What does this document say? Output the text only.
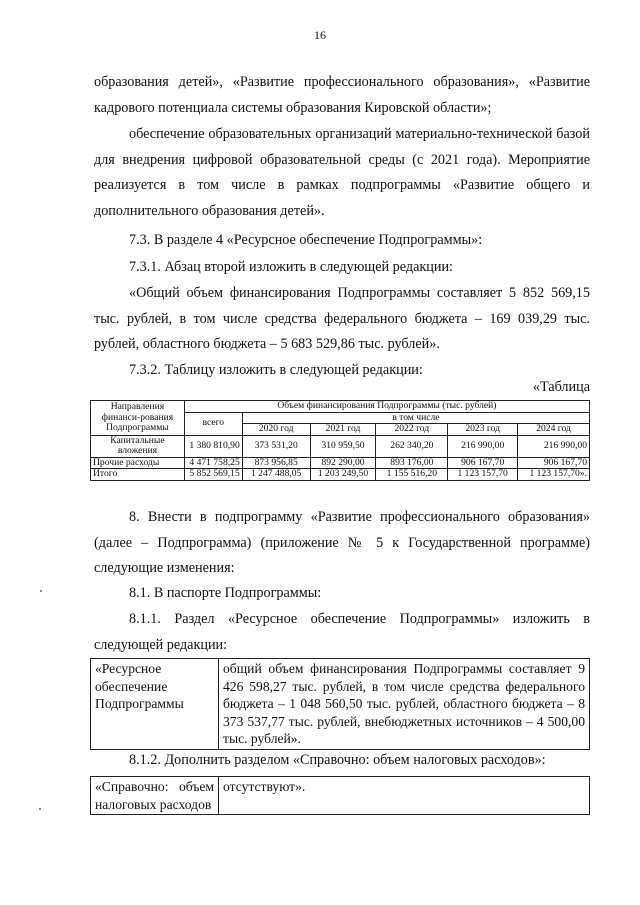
16

образования детей», «Развитие профессионального образования», «Развитие кадрового потенциала системы образования Кировской области»;

обеспечение образовательных организаций материально-технической базой для внедрения цифровой образовательной среды (с 2021 года). Мероприятие реализуется в том числе в рамках подпрограммы «Развитие общего и дополнительного образования детей».

7.3. В разделе 4 «Ресурсное обеспечение Подпрограммы»:

7.3.1. Абзац второй изложить в следующей редакции:

«Общий объем финансирования Подпрограммы составляет 5 852 569,15 тыс. рублей, в том числе средства федерального бюджета – 169 039,29 тыс. рублей, областного бюджета – 5 683 529,86 тыс. рублей».

7.3.2. Таблицу изложить в следующей редакции:

«Таблица

Направления финанси-рования Подпрограммы	Объем финансирования Подпрограммы (тыс. рублей)					
	всего	в том числе				
		2020 год	2021 год	2022 год	2023 год	2024 год
Капитальные вложения	1 380 810,90	373 531,20	310 959,50	262 340,20	216 990,00	216 990,00
Прочие расходы	4 471 758,25	873 956,85	892 290,00	893 176,00	906 167,70	906 167,70
Итого	5 852 569,15	1 247 488,05	1 203 249,50	1 155 516,20	1 123 157,70	1 123 157,70».

8. Внести в подпрограмму «Развитие профессионального образования» (далее – Подпрограмма) (приложение № 5 к Государственной программе) следующие изменения:

8.1. В паспорте Подпрограммы:

8.1.1. Раздел «Ресурсное обеспечение Подпрограммы» изложить в следующей редакции:

«Ресурсное обеспечение Подпрограммы	общий объем финансирования Подпрограммы составляет 9 426 598,27 тыс. рублей, в том числе средства федерального бюджета – 1 048 560,50 тыс. рублей, областного бюджета – 8 373 537,77 тыс. рублей, внебюджетных источников – 4 500,00 тыс. рублей».

8.1.2. Дополнить разделом «Справочно: объем налоговых расходов»:

«Справочно: объем налоговых расходов	отсутствуют».
